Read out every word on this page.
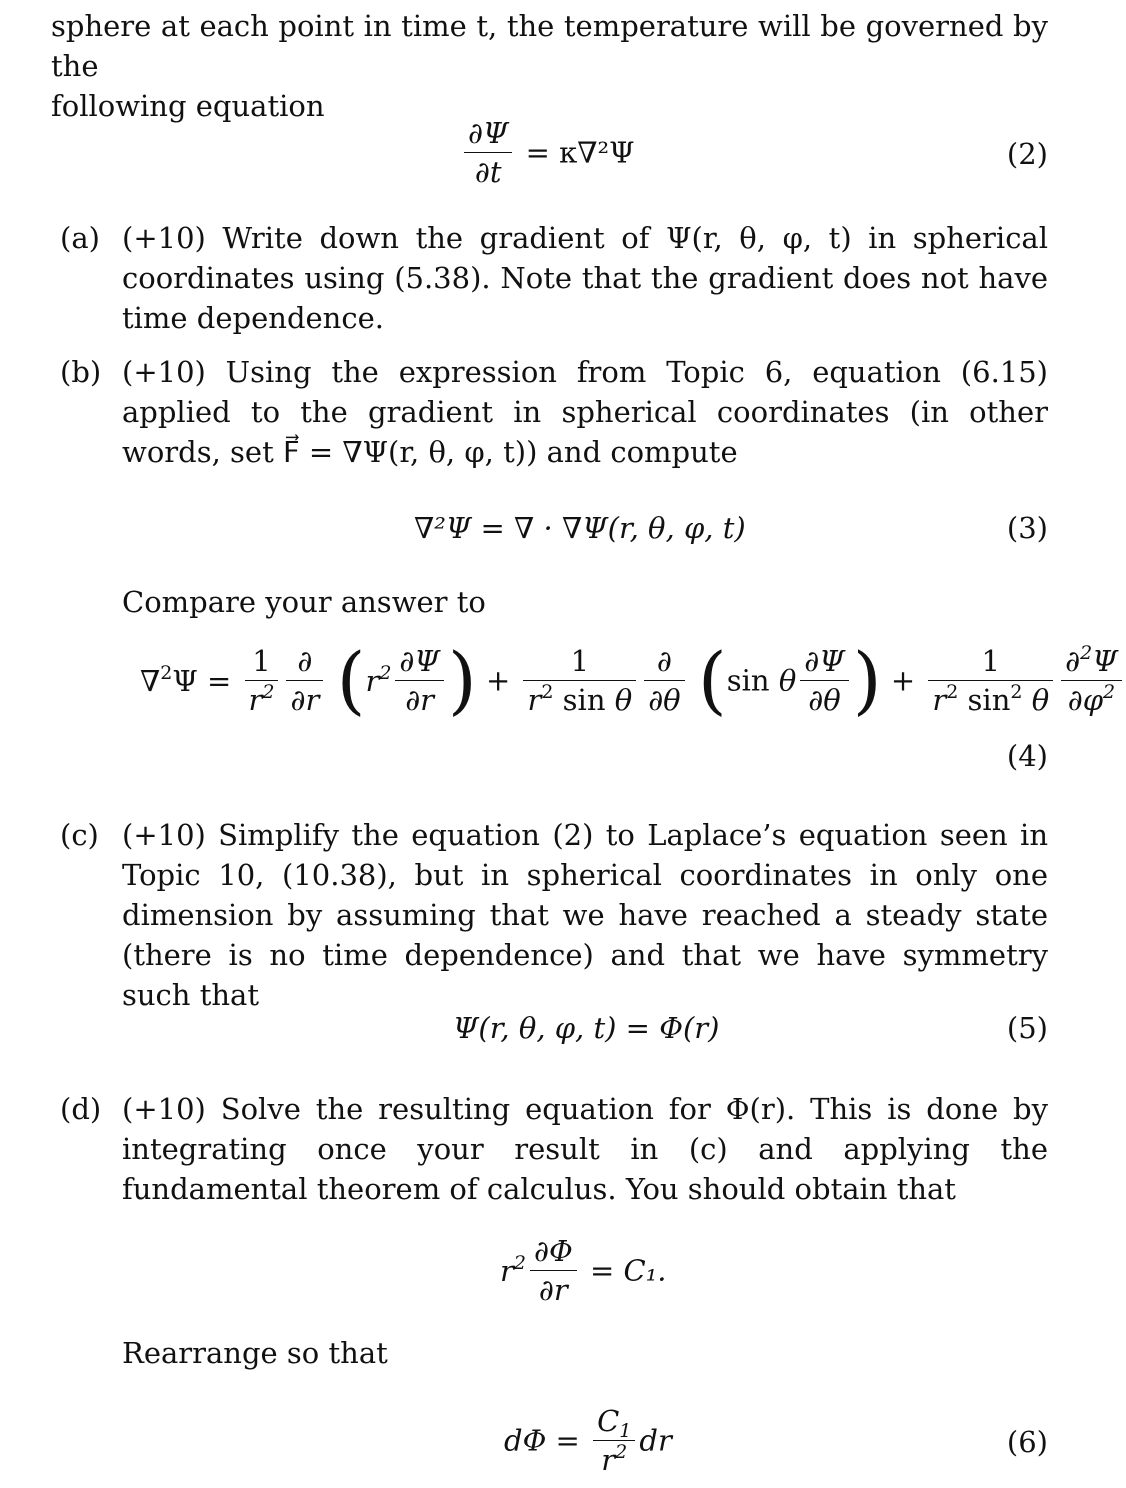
sphere at each point in time t, the temperature will be governed by the
following equation
$\frac{\partial\Psi}{\partial t} = \kappa\nabla^2\Psi$	(2)
(a) (+10) Write down the gradient of Ψ(r, θ, φ, t) in spherical coordinates using (5.38). Note that the gradient does not have time dependence.
(b) (+10) Using the expression from Topic 6, equation (6.15) applied to the gradient in spherical coordinates (in other words, set F⃗ = ∇Ψ(r, θ, φ, t)) and compute
∇²Ψ = ∇ · ∇Ψ(r, θ, φ, t)	(3)
Compare your answer to
$\nabla^2\Psi = \frac{1}{r^2} \frac{\partial}{\partial r} (r^2 \frac{\partial\Psi}{\partial r}$ ) + $\frac{1}{r^2 \sin \theta} \frac{\partial}{\partial\theta} (\sin$ θ $\frac{\partial\Psi}{\partial\theta}$ ) + $\frac{1}{r^2 \sin^2 \theta} \frac{\partial^2\Psi}{\partial\varphi^2}$
(4)
(c) (+10) Simplify the equation (2) to Laplace’s equation seen in Topic 10, (10.38), but in spherical coordinates in only one dimension by assuming that we have reached a steady state (there is no time dependence) and that we have symmetry such that
Ψ(r, θ, φ, t) = Φ(r)	(5)
(d) (+10) Solve the resulting equation for Φ(r). This is done by integrating once your result in (c) and applying the fundamental theorem of calculus. You should obtain that
$r^2 \frac{\partial\Phi}{\partial r} = C_1$.
Rearrange so that
$d\Phi = \frac{C_1}{r^2}$ dr	(6)
